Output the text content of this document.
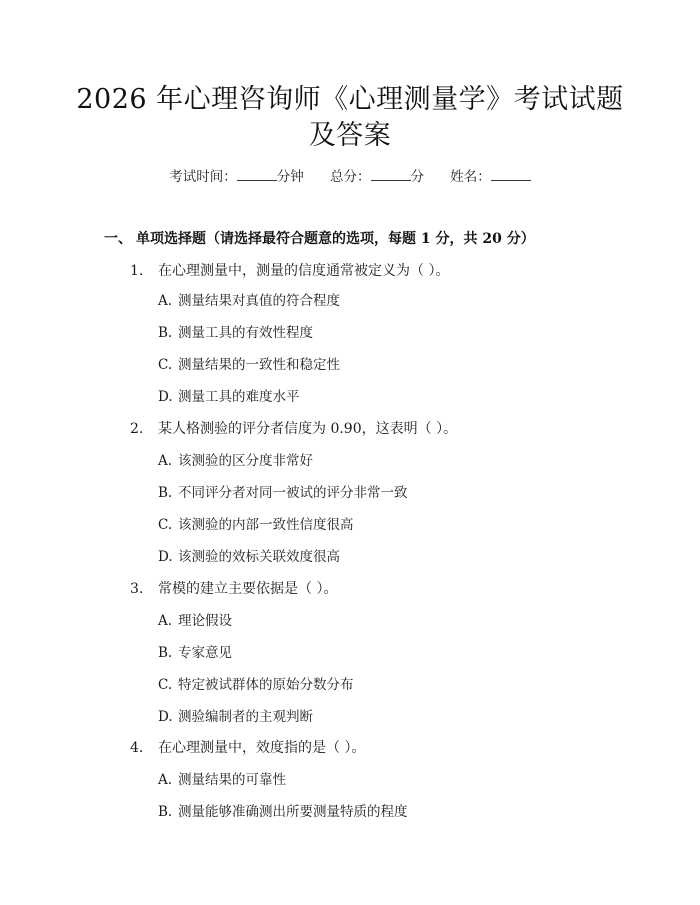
2026 年心理咨询师《心理测量学》考试试题
及答案
考试时间：	分钟 总分：	分 姓名：
一、 单项选择题（请选择最符合题意的选项，每题 1 分，共 20 分）
1. 在心理测量中，测量的信度通常被定义为（ ）。
A. 测量结果对真值的符合程度
B. 测量工具的有效性程度
C. 测量结果的一致性和稳定性
D. 测量工具的难度水平
2. 某人格测验的评分者信度为 0.90，这表明（ ）。
A. 该测验的区分度非常好
B. 不同评分者对同一被试的评分非常一致
C. 该测验的内部一致性信度很高
D. 该测验的效标关联效度很高
3. 常模的建立主要依据是（ ）。
A. 理论假设
B. 专家意见
C. 特定被试群体的原始分数分布
D. 测验编制者的主观判断
4. 在心理测量中，效度指的是（ ）。
A. 测量结果的可靠性
B. 测量能够准确测出所要测量特质的程度
